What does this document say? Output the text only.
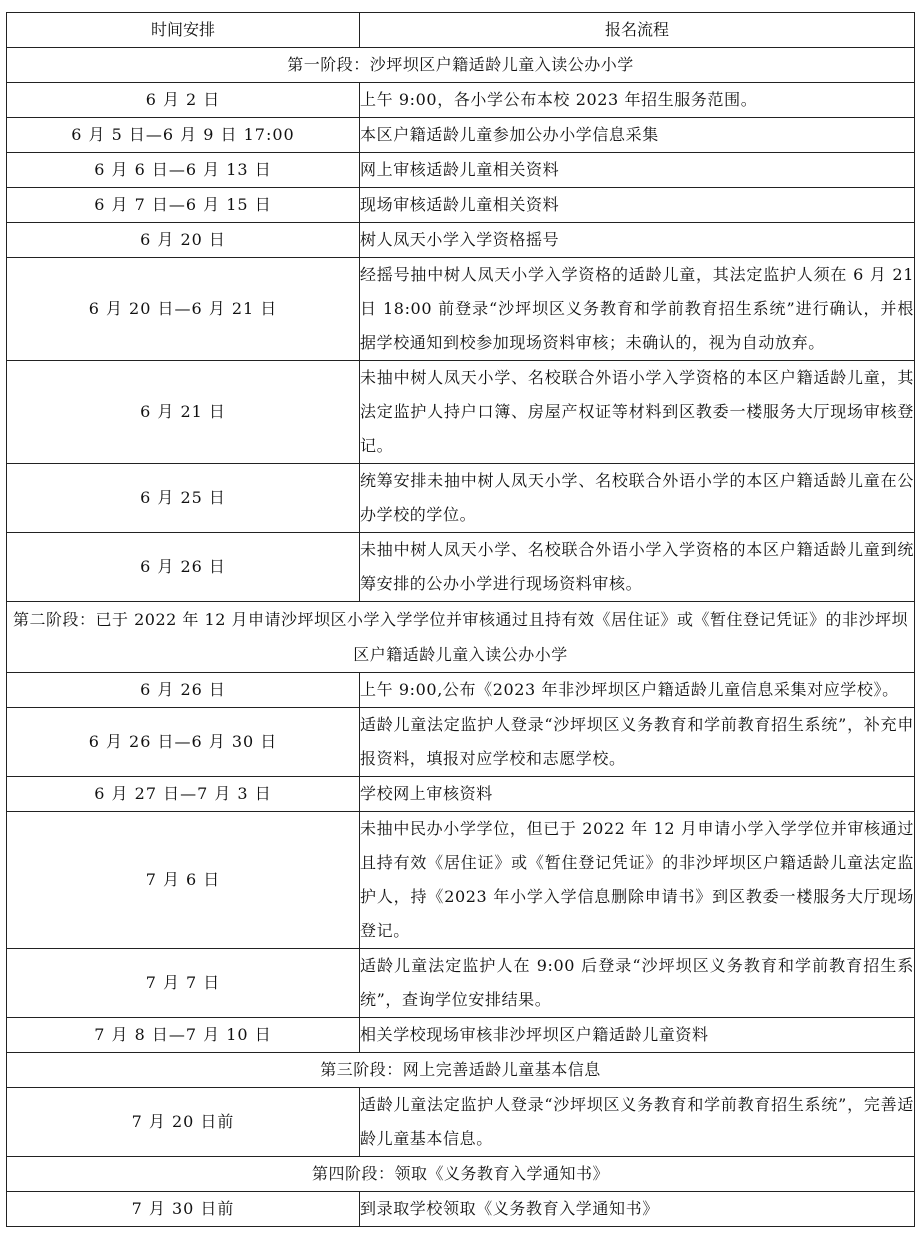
时间安排	报名流程
第一阶段：沙坪坝区户籍适龄儿童入读公办小学	
6 月 2 日	上午 9:00，各小学公布本校 2023 年招生服务范围。
6 月 5 日—6 月 9 日 17:00	本区户籍适龄儿童参加公办小学信息采集
6 月 6 日—6 月 13 日	网上审核适龄儿童相关资料
6 月 7 日—6 月 15 日	现场审核适龄儿童相关资料
6 月 20 日	树人凤天小学入学资格摇号
6 月 20 日—6 月 21 日	经摇号抽中树人凤天小学入学资格的适龄儿童，其法定监护人须在 6 月 21 日 18:00 前登录“沙坪坝区义务教育和学前教育招生系统”进行确认，并根据学校通知到校参加现场资料审核；未确认的，视为自动放弃。
6 月 21 日	未抽中树人凤天小学、名校联合外语小学入学资格的本区户籍适龄儿童，其法定监护人持户口簿、房屋产权证等材料到区教委一楼服务大厅现场审核登记。
6 月 25 日	统筹安排未抽中树人凤天小学、名校联合外语小学的本区户籍适龄儿童在公办学校的学位。
6 月 26 日	未抽中树人凤天小学、名校联合外语小学入学资格的本区户籍适龄儿童到统筹安排的公办小学进行现场资料审核。
第二阶段：已于 2022 年 12 月申请沙坪坝区小学入学学位并审核通过且持有效《居住证》或《暂住登记凭证》的非沙坪坝区户籍适龄儿童入读公办小学	
6 月 26 日	上午 9:00,公布《2023 年非沙坪坝区户籍适龄儿童信息采集对应学校》。
6 月 26 日—6 月 30 日	适龄儿童法定监护人登录“沙坪坝区义务教育和学前教育招生系统”，补充申报资料，填报对应学校和志愿学校。
6 月 27 日—7 月 3 日	学校网上审核资料
7 月 6 日	未抽中民办小学学位，但已于 2022 年 12 月申请小学入学学位并审核通过且持有效《居住证》或《暂住登记凭证》的非沙坪坝区户籍适龄儿童法定监护人，持《2023 年小学入学信息删除申请书》到区教委一楼服务大厅现场登记。
7 月 7 日	适龄儿童法定监护人在 9:00 后登录“沙坪坝区义务教育和学前教育招生系统”，查询学位安排结果。
7 月 8 日—7 月 10 日	相关学校现场审核非沙坪坝区户籍适龄儿童资料
第三阶段：网上完善适龄儿童基本信息	
7 月 20 日前	适龄儿童法定监护人登录“沙坪坝区义务教育和学前教育招生系统”，完善适龄儿童基本信息。
第四阶段：领取《义务教育入学通知书》	
7 月 30 日前	到录取学校领取《义务教育入学通知书》
